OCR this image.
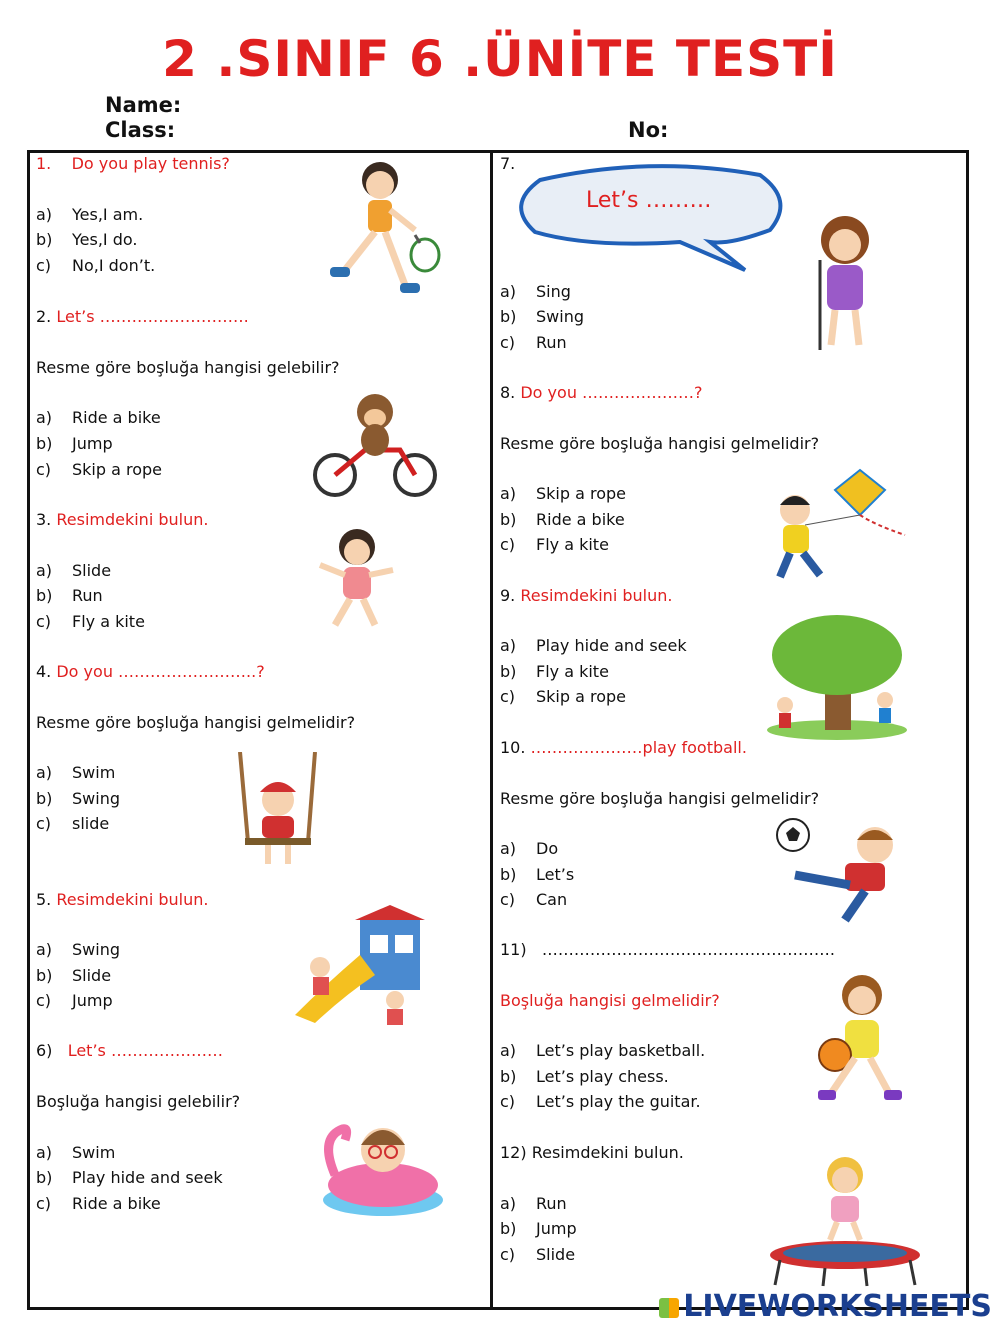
2 .SINIF 6 .ÜNİTE TESTİ
Name:
Class:	No:
1. Do you play tennis?
a)	Yes,I am.
b)	Yes,I do.
c)	No,I don’t.
2. Let’s ……………………….
Resme göre boşluğa hangisi gelebilir?
a)	Ride a bike
b)	Jump
c)	Skip a rope
3. Resimdekini bulun.
a)	Slide
b)	Run
c)	Fly a kite
4. Do you ……………………..?
Resme göre boşluğa hangisi gelmelidir?
a)	Swim
b)	Swing
c)	slide
5. Resimdekini bulun.
a)	Swing
b)	Slide
c)	Jump
6) Let’s …………………
Boşluğa hangisi gelebilir?
a)	Swim
b)	Play hide and seek
c)	Ride a bike
7.
Let’s ………
a)	Sing
b)	Swing
c)	Run
8. Do you …………………?
Resme göre boşluğa hangisi gelmelidir?
a)	Skip a rope
b)	Ride a bike
c)	Fly a kite
9. Resimdekini bulun.
a)	Play hide and seek
b)	Fly a kite
c)	Skip a rope
10. …………………play football.
Resme göre boşluğa hangisi gelmelidir?
a)	Do
b)	Let’s
c)	Can
11) ……………………………………………….
Boşluğa hangisi gelmelidir?
a)	Let’s play basketball.
b)	Let’s play chess.
c)	Let’s play the guitar.
12) Resimdekini bulun.
a)	Run
b)	Jump
c)	Slide
LIVEWORKSHEETS
